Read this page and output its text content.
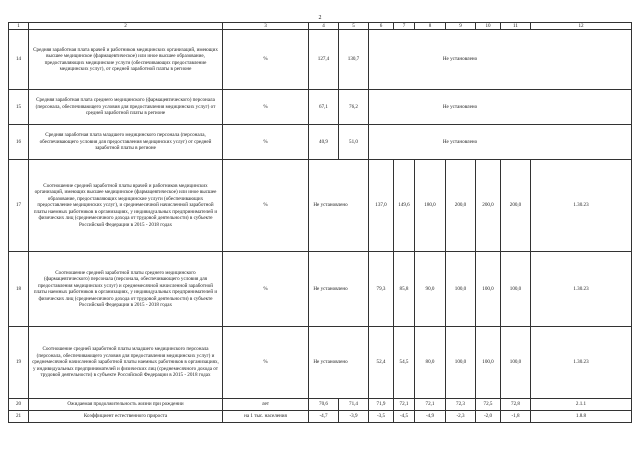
2
1	2	3	4	5	6	7	8	9	10	11	12
14	Средняя заработная плата врачей и работников медицинских организаций, имеющих высшее медицинское (фармацевтическое) или иное высшее образование, предоставляющих медицинские услуги (обеспечивающих предоставление медицинских услуг), от средней заработной платы в регионе	%	127,4	130,7	Не установлено						
15	Средняя заработная плата среднего медицинского (фармацевтического) персонала (персонала, обеспечивающего условия для предоставления медицинских услуг) от средней заработной платы в регионе	%	67,1	76,2	Не установлено						
16	Средняя заработная плата младшего медицинского персонала (персонала, обеспечивающего условия для предоставления медицинских услуг) от средней заработной платы в регионе	%	40,9	51,0	Не установлено						
17	Соотношение средней заработной платы врачей и работников медицинских организаций, имеющих высшее медицинское (фармацевтическое) или иное высшее образование, предоставляющих медицинские услуги (обеспечивающих предоставление медицинских услуг), и среднемесячной начисленной заработной платы наемных работников в организациях, у индивидуальных предпринимателей и физических лиц (среднемесячного дохода от трудовой деятельности) в субъекте Российской Федерации в 2015 - 2018 годах	%	Не установлено		137,0	149,6	180,0	200,0	200,0	200,0	1.30.23
18	Соотношение средней заработной платы среднего медицинского (фармацевтического) персонала (персонала, обеспечивающего условия для предоставления медицинских услуг) и среднемесячной начисленной заработной платы наемных работников в организациях, у индивидуальных предпринимателей и физических лиц (среднемесячного дохода от трудовой деятельности) в субъекте Российской Федерации в 2015 - 2018 годах	%	Не установлено		79,3	85,8	90,0	100,0	100,0	100,0	1.30.23
19	Соотношение средней заработной платы младшего медицинского персонала (персонала, обеспечивающего условия для предоставления медицинских услуг) и среднемесячной начисленной заработной платы наемных работников в организациях, у индивидуальных предпринимателей и физических лиц (среднемесячного дохода от трудовой деятельности) в субъекте Российской Федерации в 2015 - 2018 годах	%	Не установлено		52,4	54,5	80,0	100,0	100,0	100,0	1.30.23
20	Ожидаемая продолжительность жизни при рождении	лет	70,6	71,4	71,9	72,1	72,1	72,3	72,5	72,8	2.1.1
21	Коэффициент естественного прироста	на 1 тыс. населения	-4,7	-3,9	-3,5	-4,5	-4,9	-2,3	-2,0	-1,8	1.8.8
